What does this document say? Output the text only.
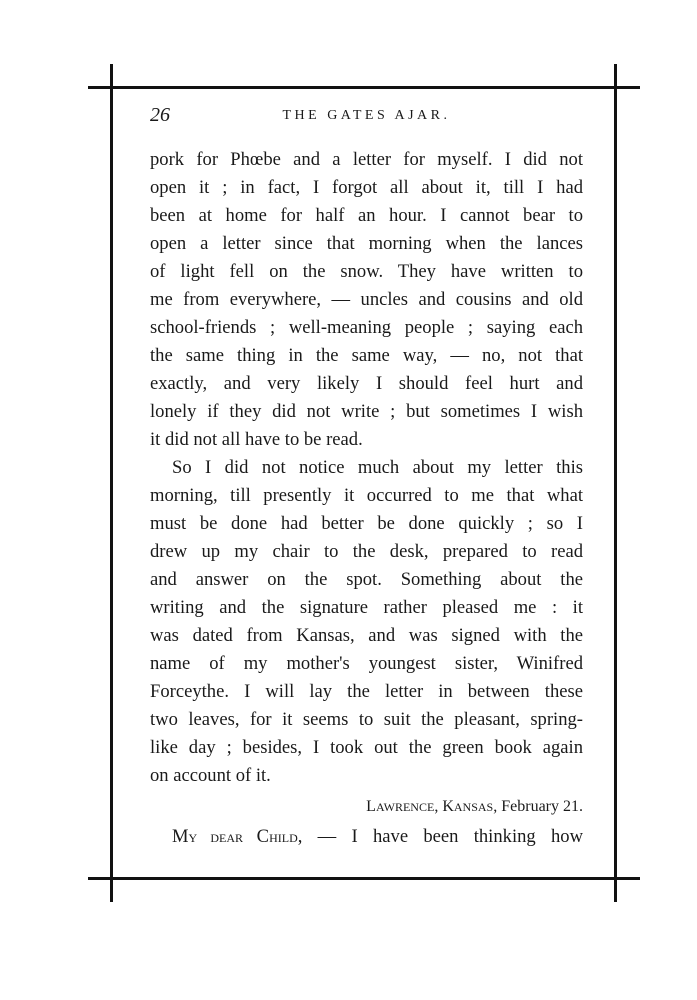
26	THE GATES AJAR.
pork for Phœbe and a letter for myself. I did not
open it ; in fact, I forgot all about it, till I had
been at home for half an hour. I cannot bear to
open a letter since that morning when the lances
of light fell on the snow. They have written to
me from everywhere, — uncles and cousins and old
school-friends ; well-meaning people ; saying each
the same thing in the same way, — no, not that
exactly, and very likely I should feel hurt and
lonely if they did not write ; but sometimes I wish
it did not all have to be read.
So I did not notice much about my letter this
morning, till presently it occurred to me that what
must be done had better be done quickly ; so I
drew up my chair to the desk, prepared to read
and answer on the spot. Something about the
writing and the signature rather pleased me : it
was dated from Kansas, and was signed with the
name of my mother's youngest sister, Winifred
Forceythe. I will lay the letter in between these
two leaves, for it seems to suit the pleasant, spring-
like day ; besides, I took out the green book again
on account of it.
LAWRENCE, KANSAS, February 21.
MY DEAR CHILD, — I have been thinking how
